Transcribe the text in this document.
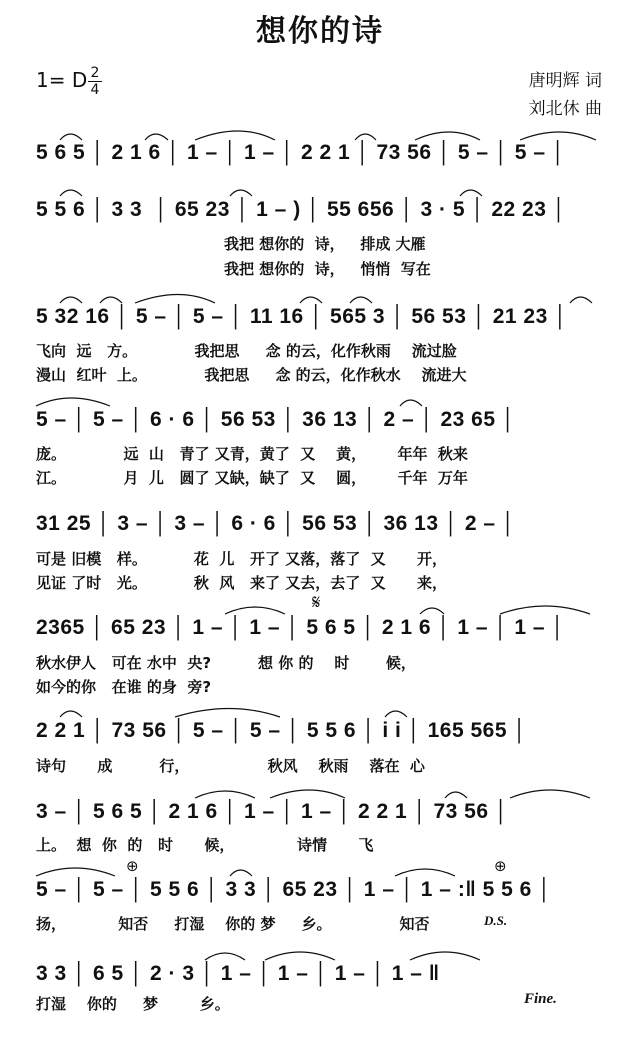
想你的诗
1= D 2
4	唐明辉 词
刘北休 曲
5 6 5 │ 2 1 6 │ 1 – │ 1 – │ 2 2 1 │ 73 56 │ 5 – │ 5 – │
5 5 6 │ 3 3  │ 65 23 │ 1 – ) │ 55 656 │ 3 · 5 │ 22 23 │
我把 想你的  诗，   排成 大雁
我把 想你的  诗，   悄悄  写在
5 32 16 │ 5 – │ 5 – │ 11 16 │ 565 3 │ 56 53 │ 21 23 │
飞向  远   方。           我把思     念 的云，化作秋雨    流过脸
漫山  红叶  上。           我把思     念 的云，化作秋水    流进大
5 – │ 5 – │ 6 · 6 │ 56 53 │ 36 13 │ 2 – │ 23 65 │
庞。           远  山   青了 又青，黄了  又    黄，      年年  秋来
江。           月  儿   圆了 又缺，缺了  又    圆，      千年  万年
31 25 │ 3 – │ 3 – │ 6 · 6 │ 56 53 │ 36 13 │ 2 – │
可是 旧模   样。         花  儿   开了 又落，落了  又      开，
见证 了时   光。         秋  风   来了 又去，去了  又      来，
𝄋
2365 │ 65 23 │ 1 – │ 1 – │ 5 6 5 │ 2 1 6 │ 1 – │ 1 – │
秋水伊人   可在 水中  央?         想 你 的    时       候，
如今的你   在谁 的身  旁?
2 2 1 │ 73 56 │ 5 – │ 5 – │ 5 5 6 │ i i │ 165 565 │
诗句      成         行，               秋风    秋雨    落在  心
3 – │ 5 6 5 │ 2 1 6 │ 1 – │ 1 – │ 2 2 1 │ 73 56 │
上。  想  你  的   时      候，            诗情      飞
⊕	⊕
5 – │ 5 – │ 5 5 6 │ 3 3 │ 65 23 │ 1 – │ 1 – :‖ 5 5 6 │
扬，          知否     打湿    你的 梦     乡。             知否	D.S.
3 3 │ 6 5 │ 2 · 3 │ 1 – │ 1 – │ 1 – │ 1 – ‖
打湿    你的     梦        乡。	Fine.
